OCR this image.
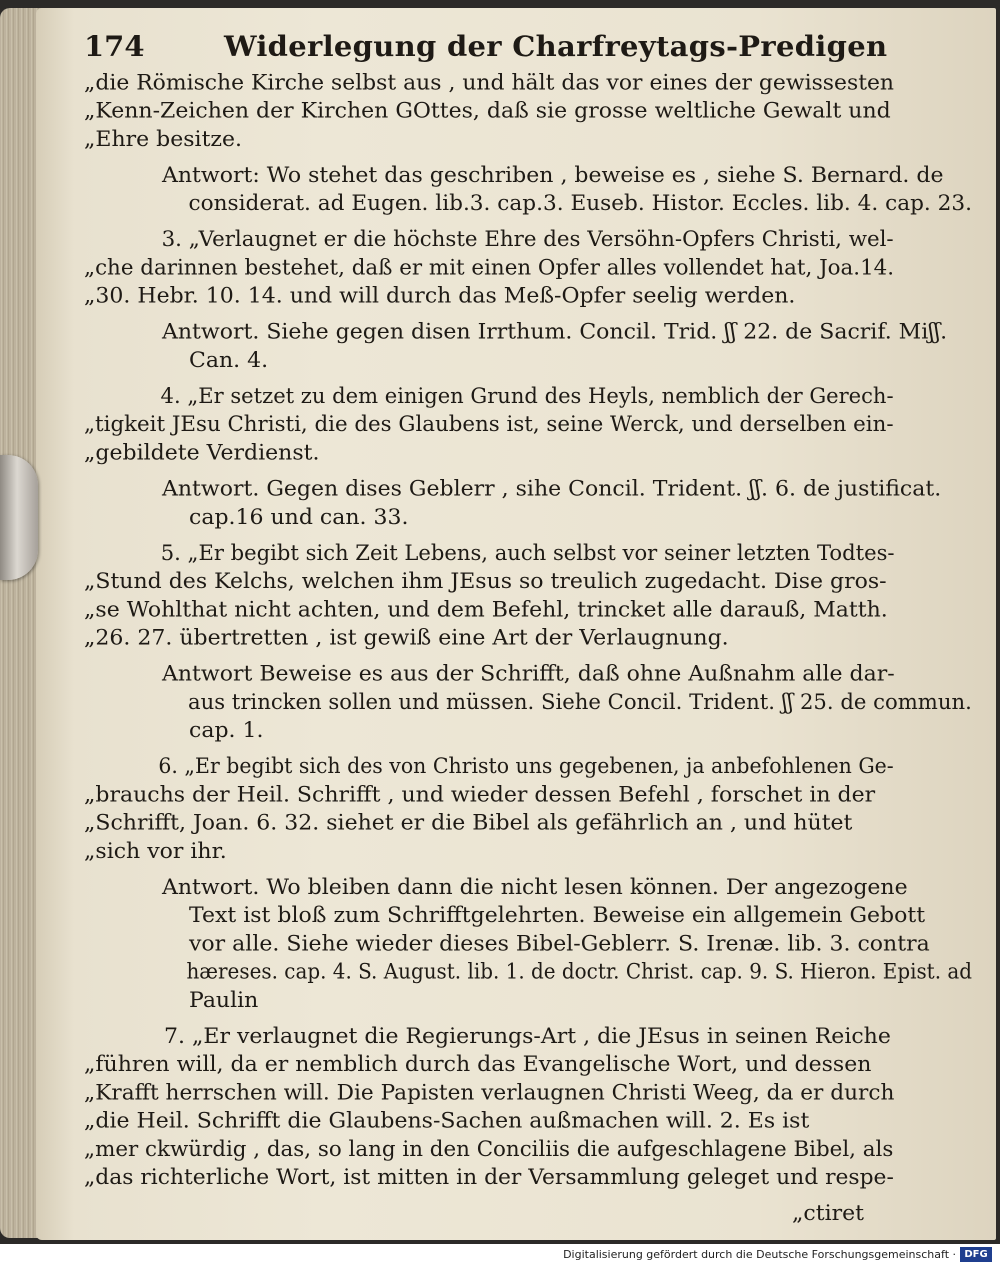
174	Widerlegung der Charfreytags-Predigen
„die Römische Kirche selbst aus , und hält das vor eines der gewissesten
„Kenn-Zeichen der Kirchen GOttes, daß sie grosse weltliche Gewalt und
„Ehre besitze.
Antwort: Wo stehet das geschriben , beweise es , siehe S. Bernard. de
considerat. ad Eugen. lib.3. cap.3. Euseb. Histor. Eccles. lib. 4. cap. 23.
3. „Verlaugnet er die höchste Ehre des Versöhn-Opfers Christi, wel-
„che darinnen bestehet, daß er mit einen Opfer alles vollendet hat, Joa.14.
„30. Hebr. 10. 14. und will durch das Meß-Opfer seelig werden.
Antwort. Siehe gegen disen Irrthum. Concil. Trid. ʃʃ 22. de Sacrif. Miʃʃ.
Can. 4.
4. „Er setzet zu dem einigen Grund des Heyls, nemblich der Gerech-
„tigkeit JEsu Christi, die des Glaubens ist, seine Werck, und derselben ein-
„gebildete Verdienst.
Antwort. Gegen dises Geblerr , sihe Concil. Trident. ʃʃ. 6. de justificat.
cap.16 und can. 33.
5. „Er begibt sich Zeit Lebens, auch selbst vor seiner letzten Todtes-
„Stund des Kelchs, welchen ihm JEsus so treulich zugedacht. Dise gros-
„se Wohlthat nicht achten, und dem Befehl, trincket alle darauß, Matth.
„26. 27. übertretten , ist gewiß eine Art der Verlaugnung.
Antwort Beweise es aus der Schrifft, daß ohne Außnahm alle dar-
aus trincken sollen und müssen. Siehe Concil. Trident. ʃʃ 25. de commun.
cap. 1.
6. „Er begibt sich des von Christo uns gegebenen, ja anbefohlenen Ge-
„brauchs der Heil. Schrifft , und wieder dessen Befehl , forschet in der
„Schrifft, Joan. 6. 32. siehet er die Bibel als gefährlich an , und hütet
„sich vor ihr.
Antwort. Wo bleiben dann die nicht lesen können. Der angezogene
Text ist bloß zum Schrifftgelehrten. Beweise ein allgemein Gebott
vor alle. Siehe wieder dieses Bibel-Geblerr. S. Irenæ. lib. 3. contra
hæreses. cap. 4. S. August. lib. 1. de doctr. Christ. cap. 9. S. Hieron. Epist. ad
Paulin
7. „Er verlaugnet die Regierungs-Art , die JEsus in seinen Reiche
„führen will, da er nemblich durch das Evangelische Wort, und dessen
„Krafft herrschen will. Die Papisten verlaugnen Christi Weeg, da er durch
„die Heil. Schrifft die Glaubens-Sachen außmachen will. 2. Es ist
„mer ckwürdig , das, so lang in den Conciliis die aufgeschlagene Bibel, als
„das richterliche Wort, ist mitten in der Versammlung geleget und respe-
„ctiret
Digitalisierung gefördert durch die Deutsche Forschungsgemeinschaft · DFG
